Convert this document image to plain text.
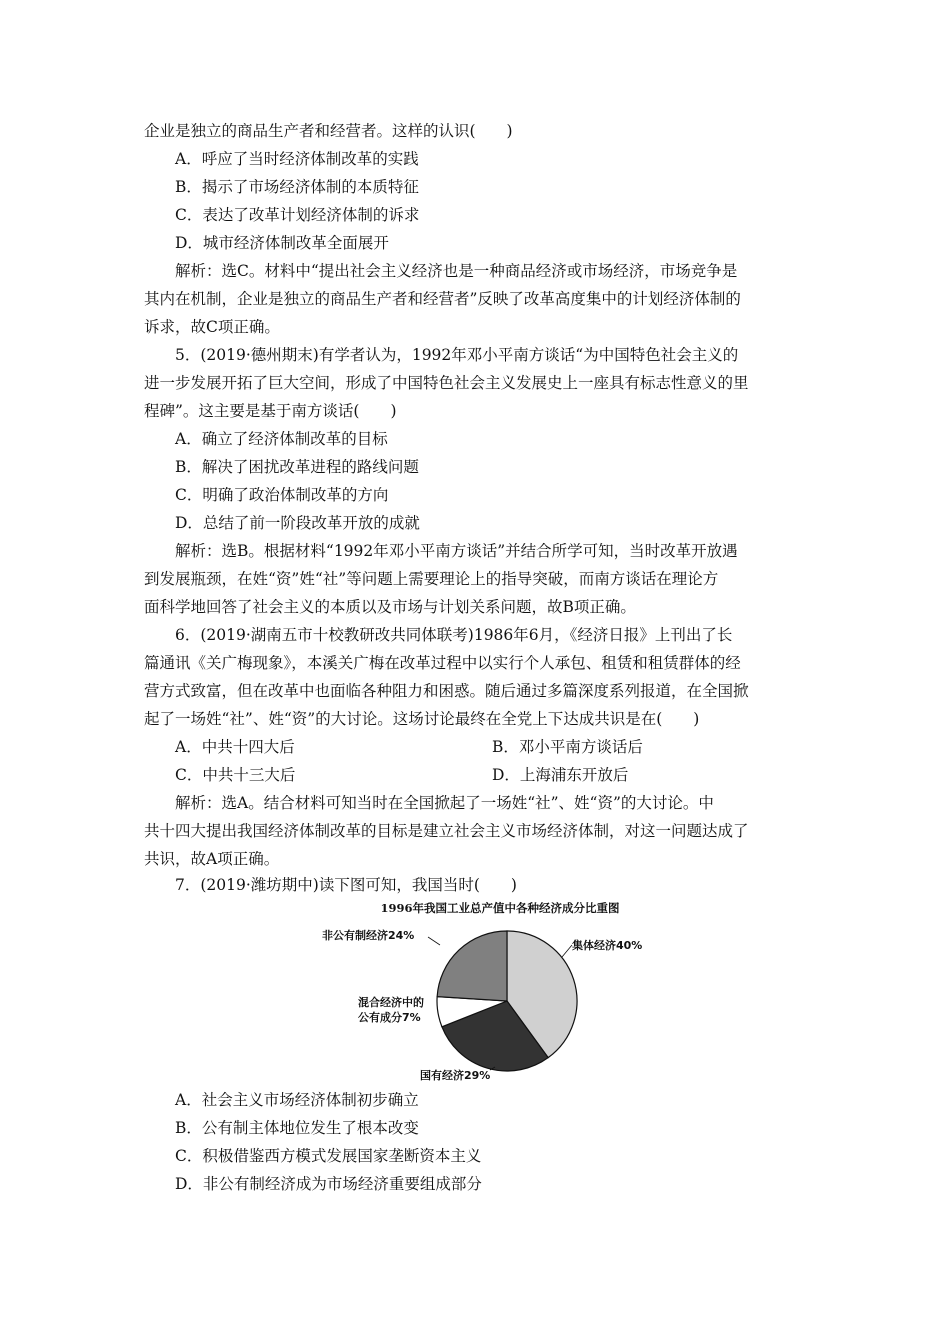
企业是独立的商品生产者和经营者。这样的认识(　　)
A．呼应了当时经济体制改革的实践
B．揭示了市场经济体制的本质特征
C．表达了改革计划经济体制的诉求
D．城市经济体制改革全面展开
解析：选C。材料中“提出社会主义经济也是一种商品经济或市场经济，市场竞争是
其内在机制，企业是独立的商品生产者和经营者”反映了改革高度集中的计划经济体制的
诉求，故C项正确。
5．(2019·德州期末)有学者认为，1992年邓小平南方谈话“为中国特色社会主义的
进一步发展开拓了巨大空间，形成了中国特色社会主义发展史上一座具有标志性意义的里
程碑”。这主要是基于南方谈话(　　)
A．确立了经济体制改革的目标
B．解决了困扰改革进程的路线问题
C．明确了政治体制改革的方向
D．总结了前一阶段改革开放的成就
解析：选B。根据材料“1992年邓小平南方谈话”并结合所学可知，当时改革开放遇
到发展瓶颈，在姓“资”姓“社”等问题上需要理论上的指导突破，而南方谈话在理论方
面科学地回答了社会主义的本质以及市场与计划关系问题，故B项正确。
6．(2019·湖南五市十校教研改共同体联考)1986年6月，《经济日报》上刊出了长
篇通讯《关广梅现象》，本溪关广梅在改革过程中以实行个人承包、租赁和租赁群体的经
营方式致富，但在改革中也面临各种阻力和困惑。随后通过多篇深度系列报道，在全国掀
起了一场姓“社”、姓“资”的大讨论。这场讨论最终在全党上下达成共识是在(　　)
A．中共十四大后	B．邓小平南方谈话后
C．中共十三大后	D．上海浦东开放后
解析：选A。结合材料可知当时在全国掀起了一场姓“社”、姓“资”的大讨论。中
共十四大提出我国经济体制改革的目标是建立社会主义市场经济体制，对这一问题达成了
共识，故A项正确。
7．(2019·潍坊期中)读下图可知，我国当时(　　)
1996年我国工业总产值中各种经济成分比重图
集体经济40%
国有经济29%
混合经济中的
公有成分7%
非公有制经济24%
A．社会主义市场经济体制初步确立
B．公有制主体地位发生了根本改变
C．积极借鉴西方模式发展国家垄断资本主义
D．非公有制经济成为市场经济重要组成部分
